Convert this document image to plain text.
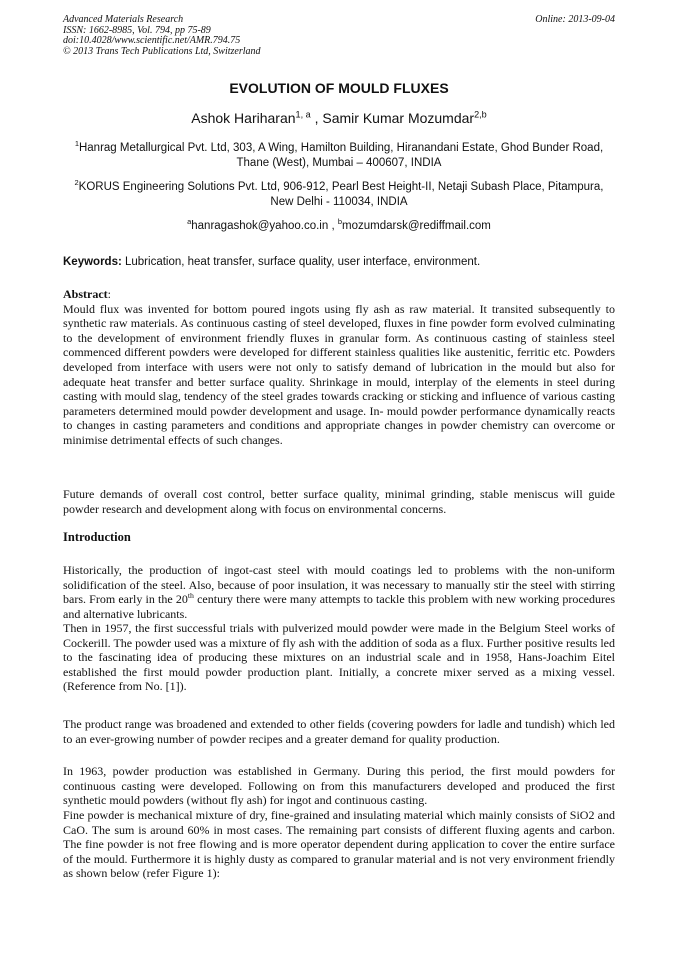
Advanced Materials Research
ISSN: 1662-8985, Vol. 794, pp 75-89
doi:10.4028/www.scientific.net/AMR.794.75
© 2013 Trans Tech Publications Ltd, Switzerland
Online: 2013-09-04
EVOLUTION OF MOULD FLUXES
Ashok Hariharan$^{1, a}$ , Samir Kumar Mozumdar$^{2,b}$
$^1$Hanrag Metallurgical Pvt. Ltd, 303, A Wing, Hamilton Building, Hiranandani Estate, Ghod Bunder Road, Thane (West), Mumbai – 400607, INDIA
$^2$KORUS Engineering Solutions Pvt. Ltd, 906-912, Pearl Best Height-II, Netaji Subash Place, Pitampura, New Delhi - 110034, INDIA
$^a$hanragashok@yahoo.co.in , $^b$mozumdarsk@rediffmail.com
Keywords: Lubrication, heat transfer, surface quality, user interface, environment.

Abstract:

Mould flux was invented for bottom poured ingots using fly ash as raw material. It transited subsequently to synthetic raw materials. As continuous casting of steel developed, fluxes in fine powder form evolved culminating to the development of environment friendly fluxes in granular form. As continuous casting of stainless steel commenced different powders were developed for different stainless qualities like austenitic, ferritic etc. Powders developed from interface with users were not only to satisfy demand of lubrication in the mould but also for adequate heat transfer and better surface quality. Shrinkage in mould, interplay of the elements in steel during casting with mould slag, tendency of the steel grades towards cracking or sticking and influence of various casting parameters determined mould powder development and usage. In- mould powder performance dynamically reacts to changes in casting parameters and conditions and appropriate changes in powder chemistry can overcome or minimise detrimental effects of such changes.

Future demands of overall cost control, better surface quality, minimal grinding, stable meniscus will guide powder research and development along with focus on environmental concerns.
Introduction
Historically, the production of ingot-cast steel with mould coatings led to problems with the non-uniform solidification of the steel. Also, because of poor insulation, it was necessary to manually stir the steel with stirring bars. From early in the 20th century there were many attempts to tackle this problem with new working procedures and alternative lubricants.
Then in 1957, the first successful trials with pulverized mould powder were made in the Belgium Steel works of Cockerill. The powder used was a mixture of fly ash with the addition of soda as a flux. Further positive results led to the fascinating idea of producing these mixtures on an industrial scale and in 1958, Hans-Joachim Eitel established the first mould powder production plant. Initially, a concrete mixer served as a mixing vessel. (Reference from No. [1]).
The product range was broadened and extended to other fields (covering powders for ladle and tundish) which led to an ever-growing number of powder recipes and a greater demand for quality production.
In 1963, powder production was established in Germany. During this period, the first mould powders for continuous casting were developed. Following on from this manufacturers developed and produced the first synthetic mould powders (without fly ash) for ingot and continuous casting.
Fine powder is mechanical mixture of dry, fine-grained and insulating material which mainly consists of SiO2 and CaO. The sum is around 60% in most cases. The remaining part consists of different fluxing agents and carbon. The fine powder is not free flowing and is more operator dependent during application to cover the entire surface of the mould. Furthermore it is highly dusty as compared to granular material and is not very environment friendly as shown below (refer Figure 1):
